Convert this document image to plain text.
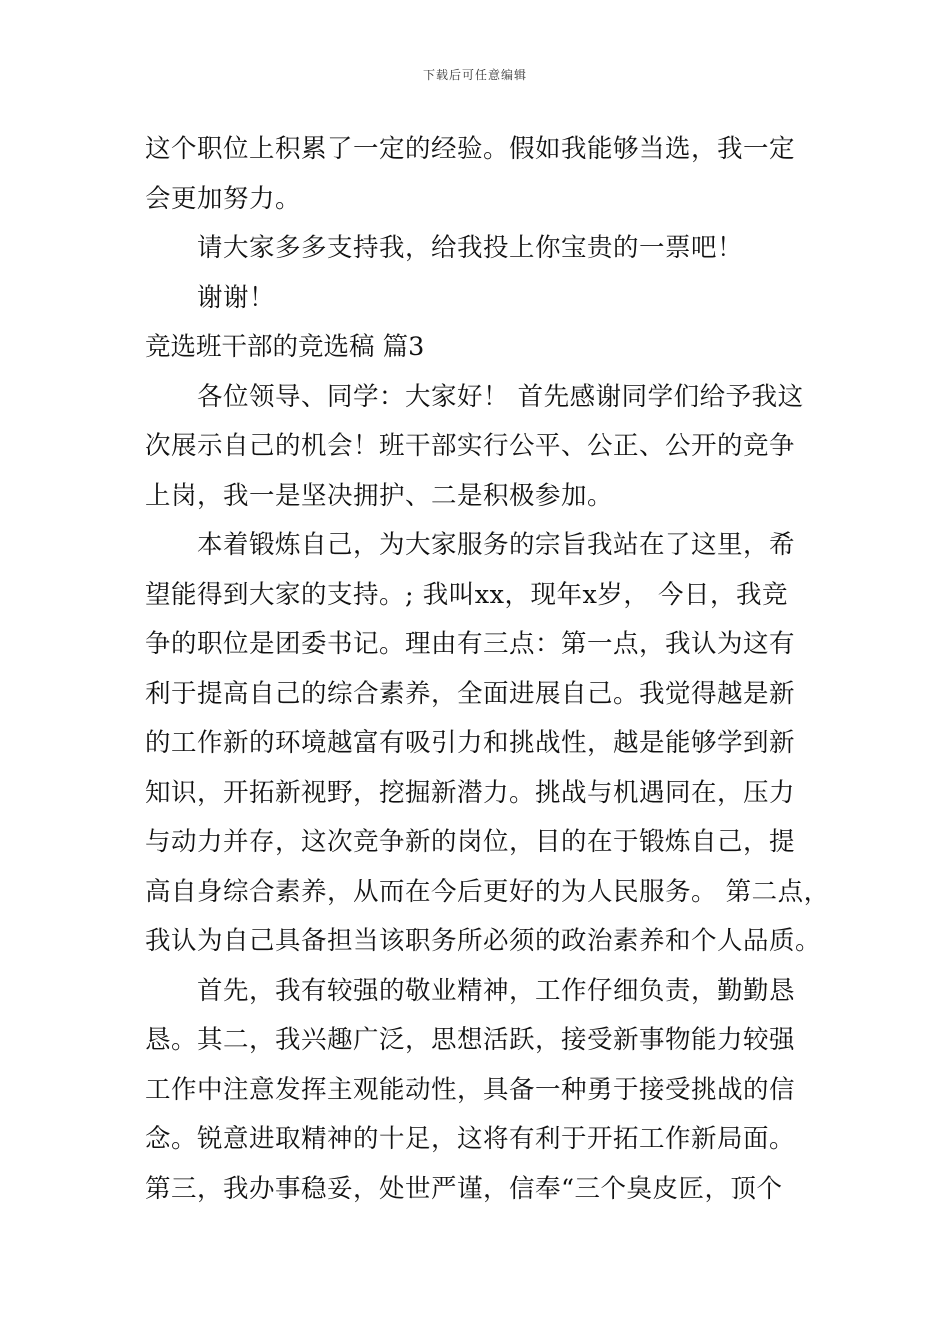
下载后可任意编辑
这个职位上积累了一定的经验。假如我能够当选，我一定
会更加努力。
请大家多多支持我，给我投上你宝贵的一票吧！
谢谢！
竞选班干部的竞选稿 篇3
各位领导、同学：大家好！ 首先感谢同学们给予我这
次展示自己的机会！班干部实行公平、公正、公开的竞争
上岗，我一是坚决拥护、二是积极参加。
本着锻炼自己，为大家服务的宗旨我站在了这里，希
望能得到大家的支持。; 我叫xx，现年x岁， 今日，我竞
争的职位是团委书记。理由有三点：第一点，我认为这有
利于提高自己的综合素养，全面进展自己。我觉得越是新
的工作新的环境越富有吸引力和挑战性，越是能够学到新
知识，开拓新视野，挖掘新潜力。挑战与机遇同在，压力
与动力并存，这次竞争新的岗位，目的在于锻炼自己，提
高自身综合素养，从而在今后更好的为人民服务。 第二点，
我认为自己具备担当该职务所必须的政治素养和个人品质。
首先，我有较强的敬业精神，工作仔细负责，勤勤恳
恳。其二，我兴趣广泛，思想活跃，接受新事物能力较强
工作中注意发挥主观能动性，具备一种勇于接受挑战的信
念。锐意进取精神的十足，这将有利于开拓工作新局面。
第三，我办事稳妥，处世严谨，信奉“三个臭皮匠，顶个
